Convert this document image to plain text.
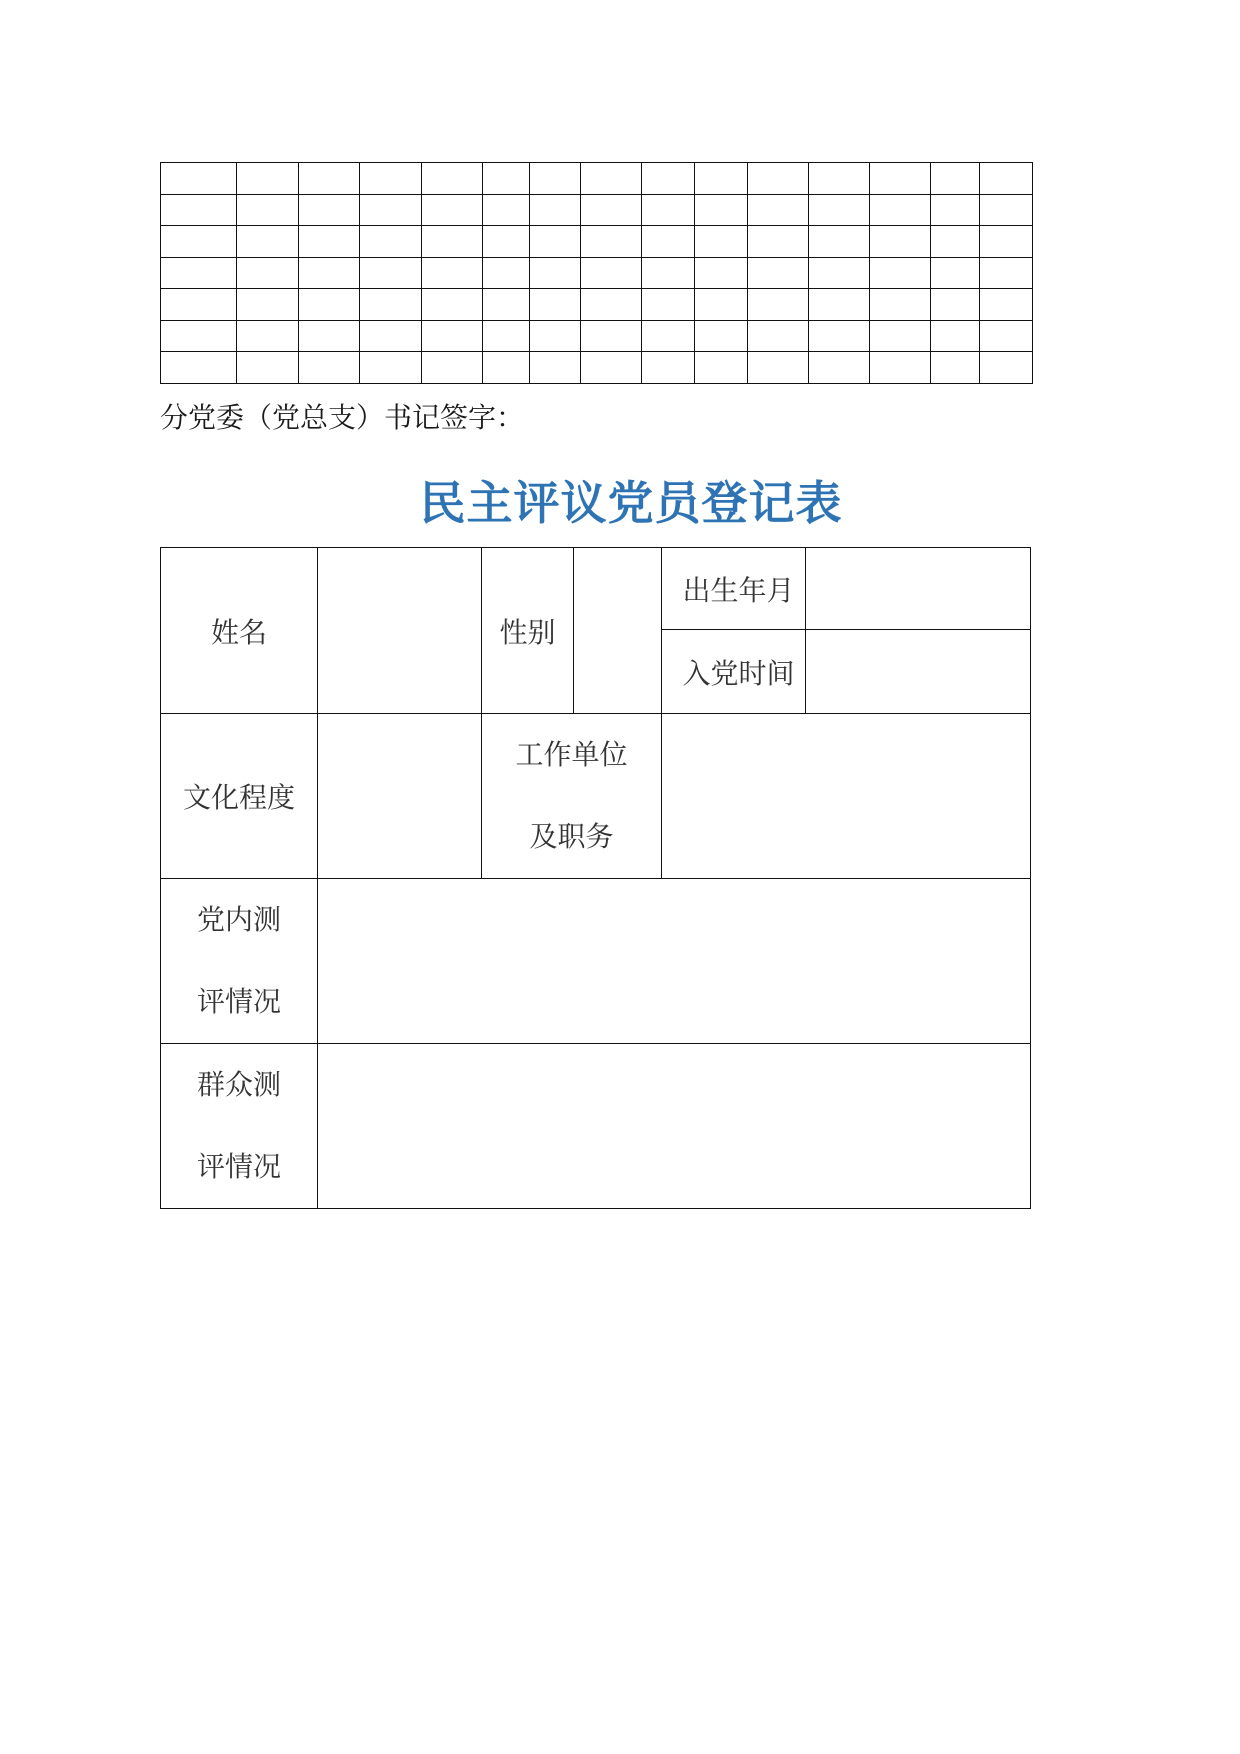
分党委（党总支）书记签字：
民主评议党员登记表
姓名		性别		出生年月	
				入党时间	
文化程度		工作单位
及职务			

党内测
评情况					

群众测
评情况					
